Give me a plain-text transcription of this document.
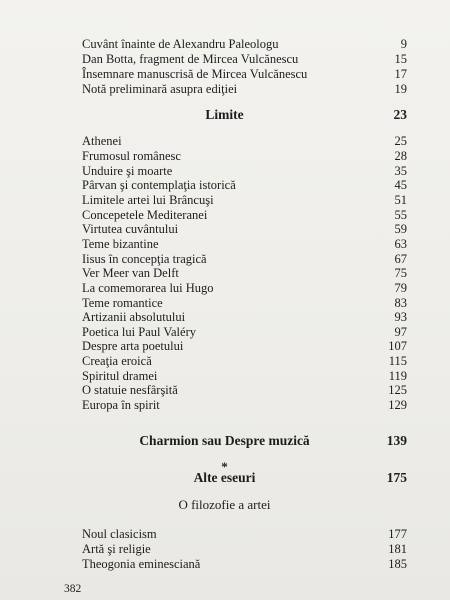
Cuvânt înainte de Alexandru Paleologu	9
Dan Botta, fragment de Mircea Vulcănescu	15
Însemnare manuscrisă de Mircea Vulcănescu	17
Notă preliminară asupra ediţiei	19
Limite	23
Athenei	25
Frumosul românesc	28
Unduire şi moarte	35
Pârvan şi contemplaţia istorică	45
Limitele artei lui Brâncuşi	51
Concepetele Mediteranei	55
Virtutea cuvântului	59
Teme bizantine	63
Iisus în concepţia tragică	67
Ver Meer van Delft	75
La comemorarea lui Hugo	79
Teme romantice	83
Artizanii absolutului	93
Poetica lui Paul Valéry	97
Despre arta poetului	107
Creaţia eroică	115
Spiritul dramei	119
O statuie nesfârşită	125
Europa în spirit	129
Charmion sau Despre muzică	139
*
Alte eseuri	175
O filozofie a artei
Noul clasicism	177
Artă şi religie	181
Theogonia eminesciană	185
382
